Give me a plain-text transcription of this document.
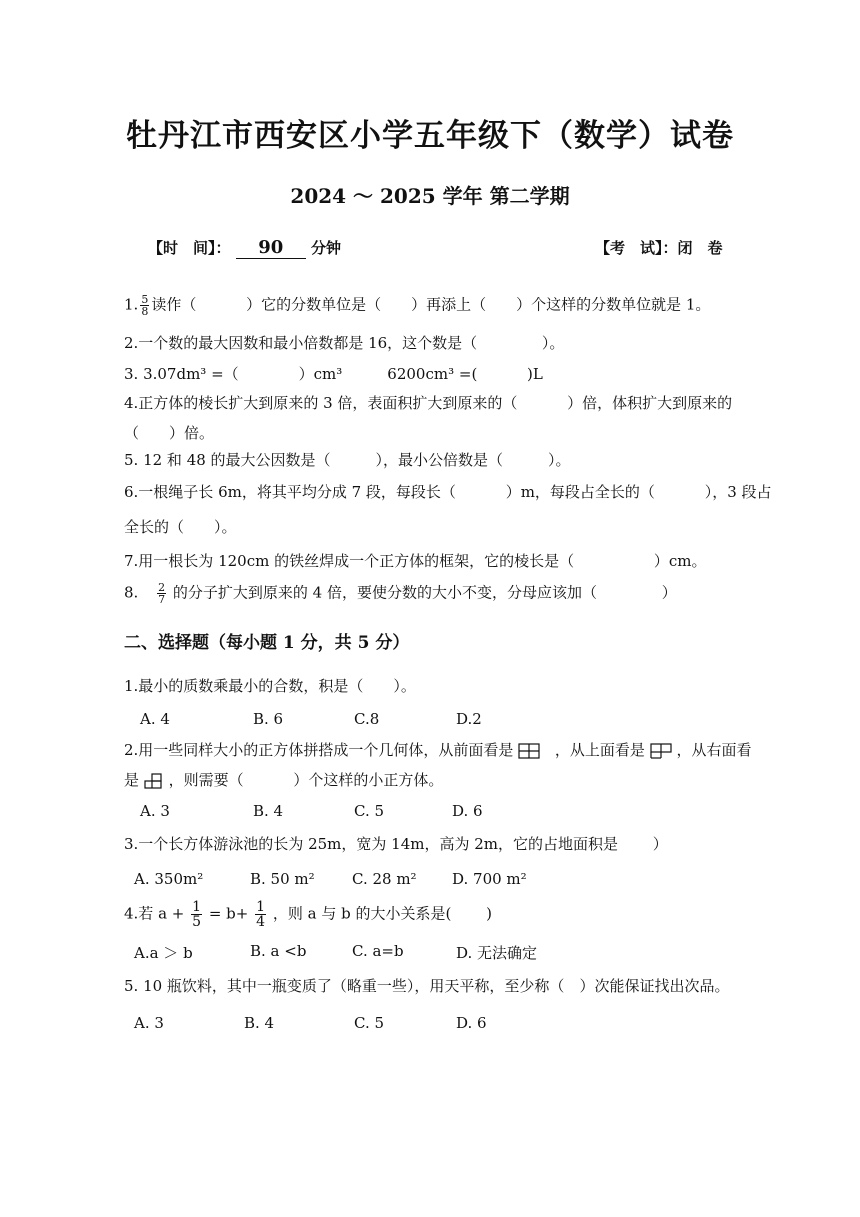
牡丹江市西安区小学五年级下（数学）试卷
2024 ～ 2025 学年 第二学期
【时　间】： 90 分钟	【考　试】：闭　卷
1. $\frac{5}{8}$ 读作（　　　 ）它的分数单位是（　　）再添上（　　）个这样的分数单位就是 1。
2.一个数的最大因数和最小倍数都是 16，这个数是（　　　　 ）。
3. 3.07dm³ =（　　　　）cm³　　　6200cm³ =(　　　 )L
4.正方体的棱长扩大到原来的 3 倍，表面积扩大到原来的（　　　 ）倍，体积扩大到原来的
（　　）倍。
5. 12 和 48 的最大公因数是（　　　），最小公倍数是（　　　）。
6.一根绳子长 6m，将其平均分成 7 段，每段长（　　　 ）m，每段占全长的（　　　 ），3 段占
全长的（　　）。
7.用一根长为 120cm 的铁丝焊成一个正方体的框架，它的棱长是（　　　　　 ）cm。
8. $\frac{2}{7}$ 的分子扩大到原来的 4 倍，要使分数的大小不变，分母应该加（　　　　 ）
二、选择题（每小题 1 分，共 5 分）
1.最小的质数乘最小的合数，积是（　　）。
A. 4	B. 6	C.8	D.2
2.用一些同样大小的正方体拼搭成一个几何体，从前面看是	，从上面看是 ，从右面看
是 ，则需要（　　　 ）个这样的小正方体。
A. 3	B. 4	C. 5	D. 6
3.一个长方体游泳池的长为 25m，宽为 14m，高为 2m，它的占地面积是　　 ）
A. 350m²	B. 50 m² C. 28 m² D. 700 m²
4.若 $a + \frac{1}{5} = b+ \frac{1}{4}$ ，则 a 与 b 的大小关系是(　　 )
A.a ＞ b	B. a <b	C. a=b	D. 无法确定
5. 10 瓶饮料，其中一瓶变质了（略重一些），用天平称，至少称（　）次能保证找出次品。
A. 3	B. 4	C. 5	D. 6
